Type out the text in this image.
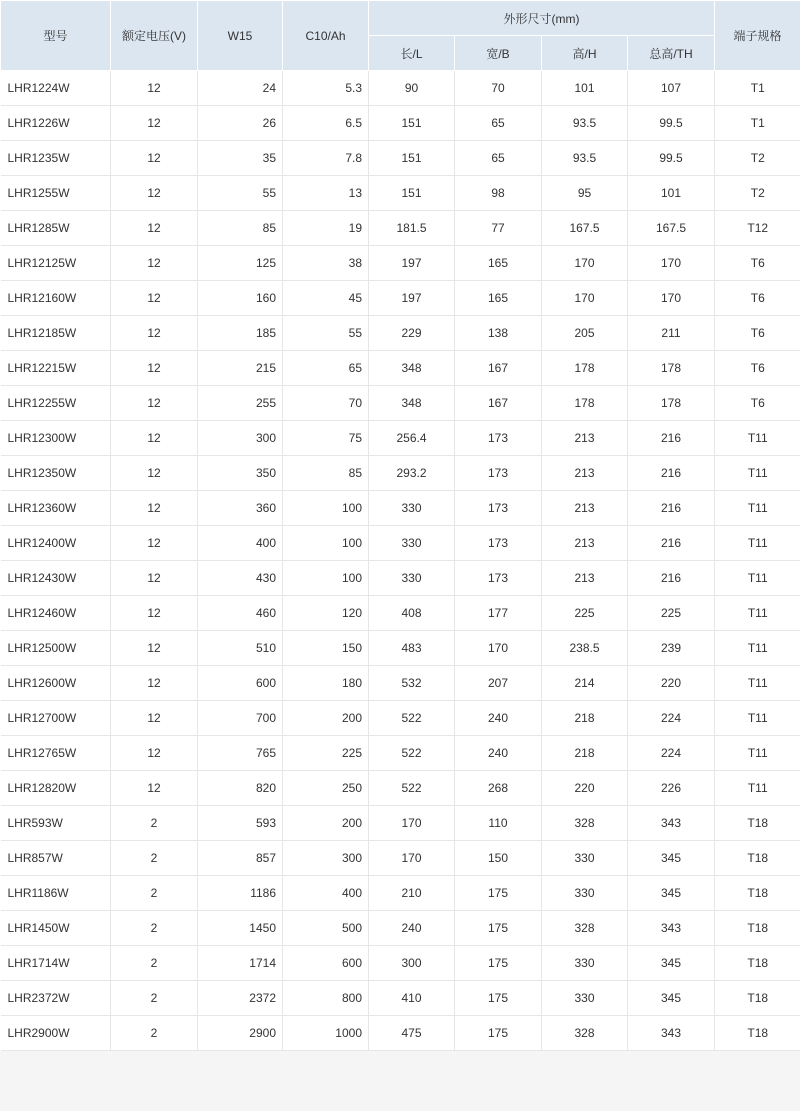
型号	额定电压(V)	W15	C10/Ah	外形尺寸(mm)				端子规格
				长/L	宽/B	高/H	总高/TH	
LHR1224W	12	24	5.3	90	70	101	107	T1
LHR1226W	12	26	6.5	151	65	93.5	99.5	T1
LHR1235W	12	35	7.8	151	65	93.5	99.5	T2
LHR1255W	12	55	13	151	98	95	101	T2
LHR1285W	12	85	19	181.5	77	167.5	167.5	T12
LHR12125W	12	125	38	197	165	170	170	T6
LHR12160W	12	160	45	197	165	170	170	T6
LHR12185W	12	185	55	229	138	205	211	T6
LHR12215W	12	215	65	348	167	178	178	T6
LHR12255W	12	255	70	348	167	178	178	T6
LHR12300W	12	300	75	256.4	173	213	216	T11
LHR12350W	12	350	85	293.2	173	213	216	T11
LHR12360W	12	360	100	330	173	213	216	T11
LHR12400W	12	400	100	330	173	213	216	T11
LHR12430W	12	430	100	330	173	213	216	T11
LHR12460W	12	460	120	408	177	225	225	T11
LHR12500W	12	510	150	483	170	238.5	239	T11
LHR12600W	12	600	180	532	207	214	220	T11
LHR12700W	12	700	200	522	240	218	224	T11
LHR12765W	12	765	225	522	240	218	224	T11
LHR12820W	12	820	250	522	268	220	226	T11
LHR593W	2	593	200	170	110	328	343	T18
LHR857W	2	857	300	170	150	330	345	T18
LHR1186W	2	1186	400	210	175	330	345	T18
LHR1450W	2	1450	500	240	175	328	343	T18
LHR1714W	2	1714	600	300	175	330	345	T18
LHR2372W	2	2372	800	410	175	330	345	T18
LHR2900W	2	2900	1000	475	175	328	343	T18
